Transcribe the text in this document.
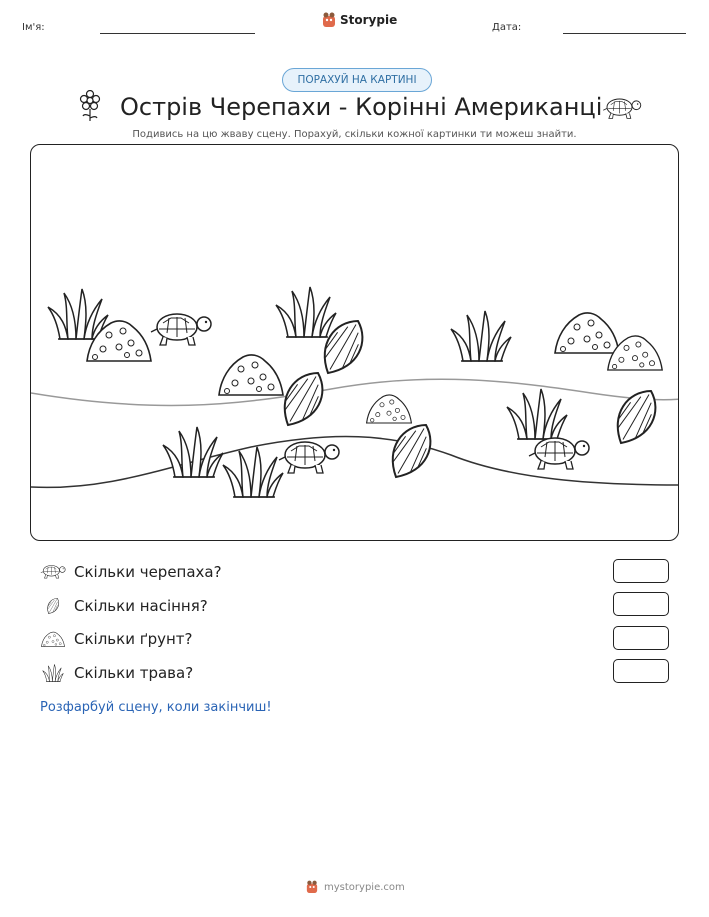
Ім'я:
Storypie
Дата:
ПОРАХУЙ НА КАРТИНІ
Острів Черепахи - Корінні Американці
Подивись на цю жваву сцену. Порахуй, скільки кожної картинки ти можеш знайти.
Скільки черепаха?
Скільки насіння?
Скільки ґрунт?
Скільки трава?
Розфарбуй сцену, коли закінчиш!
mystorypie.com
